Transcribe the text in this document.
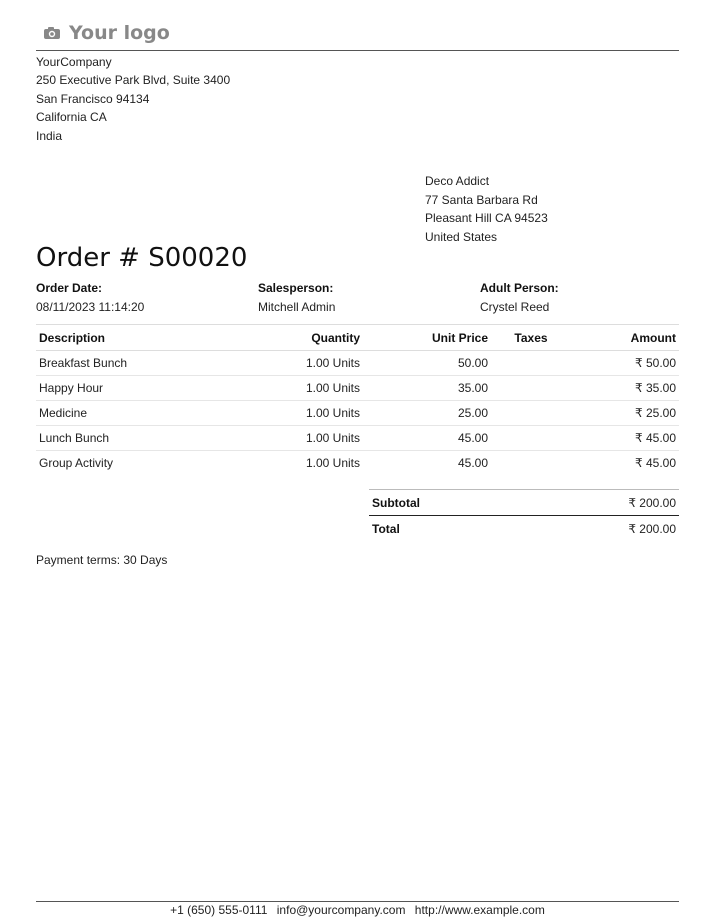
Your logo
YourCompany
250 Executive Park Blvd, Suite 3400
San Francisco 94134
California CA
India
Deco Addict
77 Santa Barbara Rd
Pleasant Hill CA 94523
United States
Order # S00020
Order Date:
08/11/2023 11:14:20
Salesperson:
Mitchell Admin
Adult Person:
Crystel Reed
Description	Quantity	Unit Price	Taxes	Amount
Breakfast Bunch	1.00 Units	50.00		₹ 50.00
Happy Hour	1.00 Units	35.00		₹ 35.00
Medicine	1.00 Units	25.00		₹ 25.00
Lunch Bunch	1.00 Units	45.00		₹ 45.00
Group Activity	1.00 Units	45.00		₹ 45.00
Subtotal	₹ 200.00
Total	₹ 200.00
Payment terms: 30 Days
+1 (650) 555-0111 info@yourcompany.com http://www.example.com
